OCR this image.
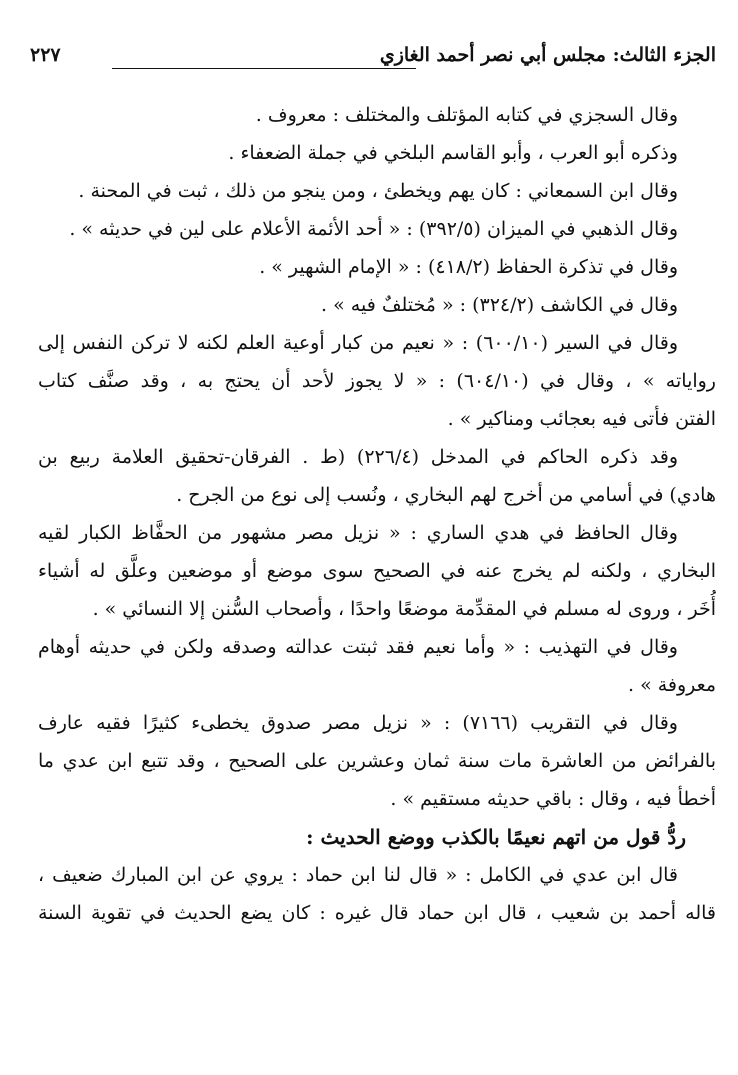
الجزء الثالث: مجلس أبي نصر أحمد الغازي
٢٢٧
وقال السجزي في كتابه المؤتلف والمختلف : معروف .
وذكره أبو العرب ، وأبو القاسم البلخي في جملة الضعفاء .
وقال ابن السمعاني : كان يهم ويخطئ ، ومن ينجو من ذلك ، ثبت في المحنة .
وقال الذهبي في الميزان (٣٩٢/٥) : « أحد الأئمة الأعلام على لين في حديثه » .
وقال في تذكرة الحفاظ (٤١٨/٢) : « الإمام الشهير » .
وقال في الكاشف (٣٢٤/٢) : « مُختلفٌ فيه » .
وقال في السير (٦٠٠/١٠) : « نعيم من كبار أوعية العلم لكنه لا تركن النفس إلى
رواياته » ، وقال في (٦٠٤/١٠) : « لا يجوز لأحد أن يحتج به ، وقد صنَّف كتاب
الفتن فأتى فيه بعجائب ومناكير » .
وقد ذكره الحاكم في المدخل (٢٢٦/٤) (ط . الفرقان-تحقيق العلامة ربيع بن
هادي) في أسامي من أخرج لهم البخاري ، ونُسب إلى نوع من الجرح .
وقال الحافظ في هدي الساري : « نزيل مصر مشهور من الحفَّاظ الكبار لقيه
البخاري ، ولكنه لم يخرج عنه في الصحيح سوى موضع أو موضعين وعلَّق له أشياء
أُخَر ، وروى له مسلم في المقدِّمة موضعًا واحدًا ، وأصحاب السُّنن إلا النسائي » .
وقال في التهذيب : « وأما نعيم فقد ثبتت عدالته وصدقه ولكن في حديثه أوهام
معروفة » .
وقال في التقريب (٧١٦٦) : « نزيل مصر صدوق يخطىء كثيرًا فقيه عارف
بالفرائض من العاشرة مات سنة ثمان وعشرين على الصحيح ، وقد تتبع ابن عدي ما
أخطأ فيه ، وقال : باقي حديثه مستقيم » .
ردُّ قول من اتهم نعيمًا بالكذب ووضع الحديث :
قال ابن عدي في الكامل : « قال لنا ابن حماد : يروي عن ابن المبارك ضعيف ،
قاله أحمد بن شعيب ، قال ابن حماد قال غيره : كان يضع الحديث في تقوية السنة
